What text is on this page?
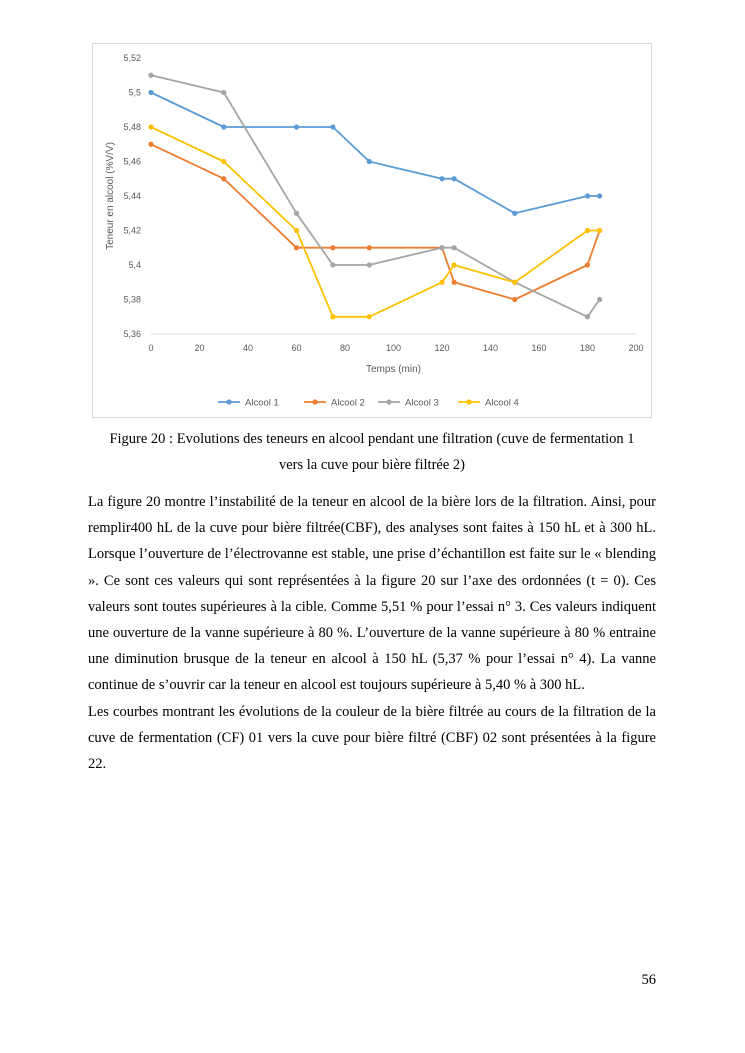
5,36
5,38
5,4
5,42
5,44
5,46
5,48
5,5
5,52
0	20	40	60	80	100	120	140	160	180	200
Temps (min)
Teneur en alcool (%V/V)
Alcool 1	Alcool 2	Alcool 3	Alcool 4
Figure 20 : Evolutions des teneurs en alcool pendant une filtration (cuve de fermentation 1
vers la cuve pour bière filtrée 2)

La figure 20 montre l’instabilité de la teneur en alcool de la bière lors de la filtration. Ainsi, pour remplir400 hL de la cuve pour bière filtrée(CBF), des analyses sont faites à 150 hL et à 300 hL. Lorsque l’ouverture de l’électrovanne est stable, une prise d’échantillon est faite sur le « blending ». Ce sont ces valeurs qui sont représentées à la figure 20 sur l’axe des ordonnées (t = 0). Ces valeurs sont toutes supérieures à la cible. Comme 5,51 % pour l’essai n° 3. Ces valeurs indiquent une ouverture de la vanne supérieure à 80 %. L’ouverture de la vanne supérieure à 80 % entraine une diminution brusque de la teneur en alcool à 150 hL (5,37 % pour l’essai n° 4). La vanne continue de s’ouvrir car la teneur en alcool est toujours supérieure à 5,40 % à 300 hL.

Les courbes montrant les évolutions de la couleur de la bière filtrée au cours de la filtration de la cuve de fermentation (CF) 01 vers la cuve pour bière filtré (CBF) 02 sont présentées à la figure 22.

56
